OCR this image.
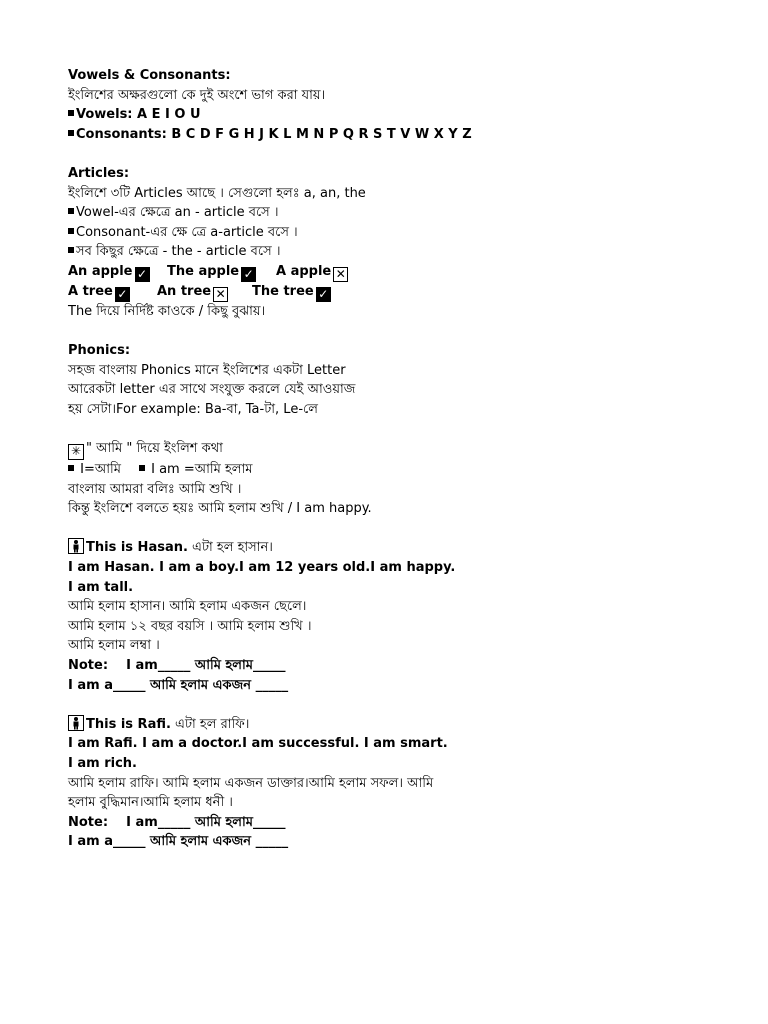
Vowels & Consonants:
ইংলিশের অক্ষরগুলো কে দুই অংশে ভাগ করা যায়।
Vowels: A E I O U
Consonants: B C D F G H J K L M N P Q R S T V W X Y Z
Articles:
ইংলিশে ৩টি Articles আছে । সেগুলো হলঃ a, an, the
Vowel-এর ক্ষেত্রে an - article বসে ।
Consonant-এর ক্ষে ত্রে a-article বসে ।
সব কিছুর ক্ষেত্রে - the - article বসে ।
An apple ✓ The apple ✓ A apple ✕
A tree ✓ An tree ✕ The tree ✓
The দিয়ে নির্দিষ্ট কাওকে / কিছু বুঝায়।
Phonics:
সহজ বাংলায় Phonics মানে ইংলিশের একটা Letter
আরেকটা letter এর সাথে সংযুক্ত করলে যেই আওয়াজ
হয় সেটা।For example: Ba-বা, Ta-টা, Le-লে
✳ " আমি " দিয়ে ইংলিশ কথা
I=আমি I am =আমি হলাম
বাংলায় আমরা বলিঃ আমি শুখি ।
কিন্তু ইংলিশে বলতে হয়ঃ আমি হলাম শুখি / I am happy.
This is Hasan. এটা হল হাসান।
I am Hasan. I am a boy.I am 12 years old.I am happy.
I am tall.
আমি হলাম হাসান। আমি হলাম একজন ছেলে।
আমি হলাম ১২ বছর বয়সি । আমি হলাম শুখি ।
আমি হলাম লম্বা ।
Note:    I am_____ আমি হলাম_____
I am a_____ আমি হলাম একজন _____
This is Rafi. এটা হল রাফি।
I am Rafi. I am a doctor.I am successful. I am smart.
I am rich.
আমি হলাম রাফি। আমি হলাম একজন ডাক্তার।আমি হলাম সফল। আমি
হলাম বুদ্ধিমান।আমি হলাম ধনী ।
Note:    I am_____ আমি হলাম_____
I am a_____ আমি হলাম একজন _____
